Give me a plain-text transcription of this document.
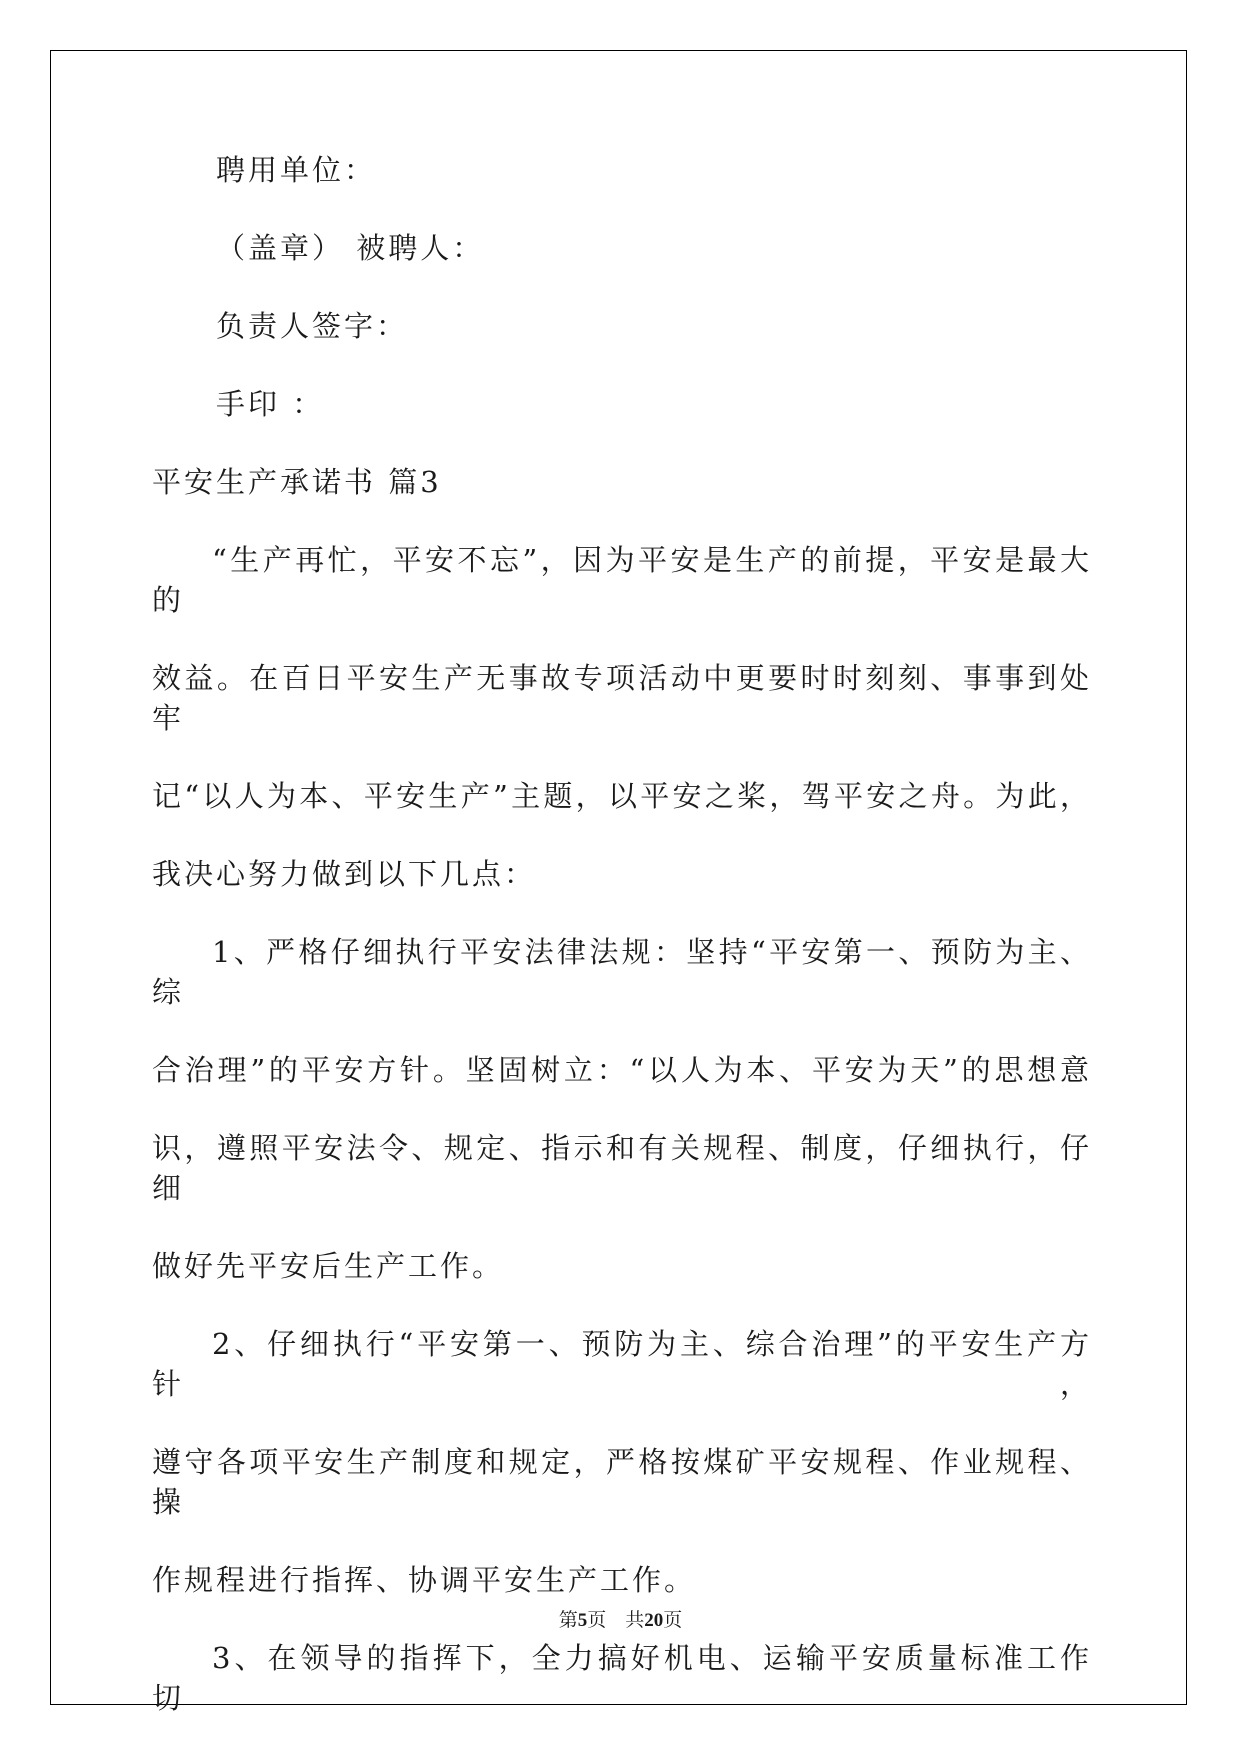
聘用单位：
（盖章） 被聘人：
负责人签字：
手印 ：
平安生产承诺书 篇3
“生产再忙，平安不忘”，因为平安是生产的前提，平安是最大的
效益。在百日平安生产无事故专项活动中更要时时刻刻、事事到处牢
记“以人为本、平安生产”主题，以平安之桨，驾平安之舟。为此，
我决心努力做到以下几点：
1、严格仔细执行平安法律法规：坚持“平安第一、预防为主、综
合治理”的平安方针。坚固树立：“以人为本、平安为天”的思想意
识，遵照平安法令、规定、指示和有关规程、制度，仔细执行，仔细
做好先平安后生产工作。
2、仔细执行“平安第一、预防为主、综合治理”的平安生产方针，
遵守各项平安生产制度和规定，严格按煤矿平安规程、作业规程、 操
作规程进行指挥、协调平安生产工作。
3、在领导的指挥下，全力搞好机电、运输平安质量标准工作切
第5页　共20页
